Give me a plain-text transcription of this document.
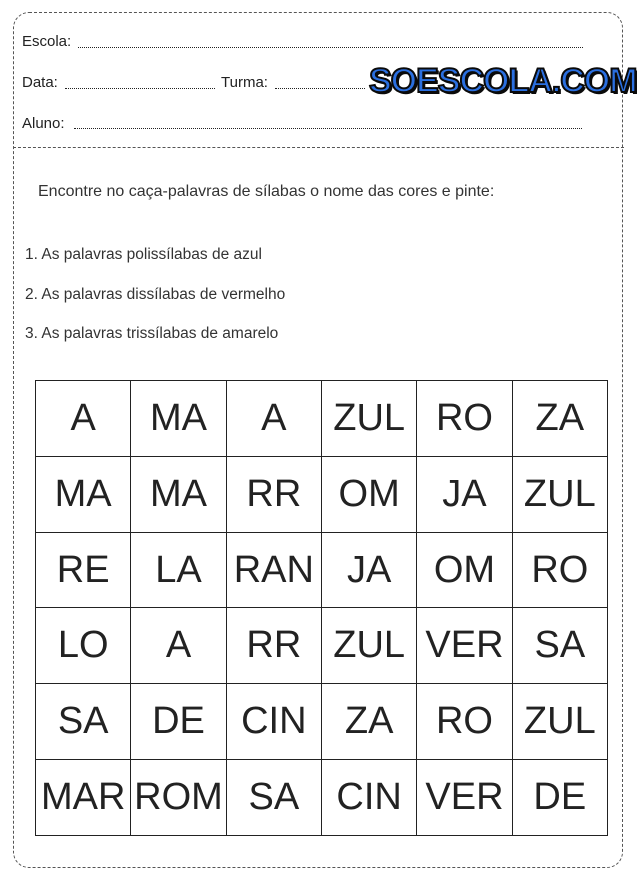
Escola:
Data:	Turma:	SOESCOLA.COM
Aluno:
Encontre no caça-palavras de sílabas o nome das cores e pinte:
1. As palavras polissílabas de azul
2. As palavras dissílabas de vermelho
3. As palavras trissílabas de amarelo
A	MA	A	ZUL	RO	ZA
MA	MA	RR	OM	JA	ZUL
RE	LA	RAN	JA	OM	RO
LO	A	RR	ZUL	VER	SA
SA	DE	CIN	ZA	RO	ZUL
MAR	ROM	SA	CIN	VER	DE
